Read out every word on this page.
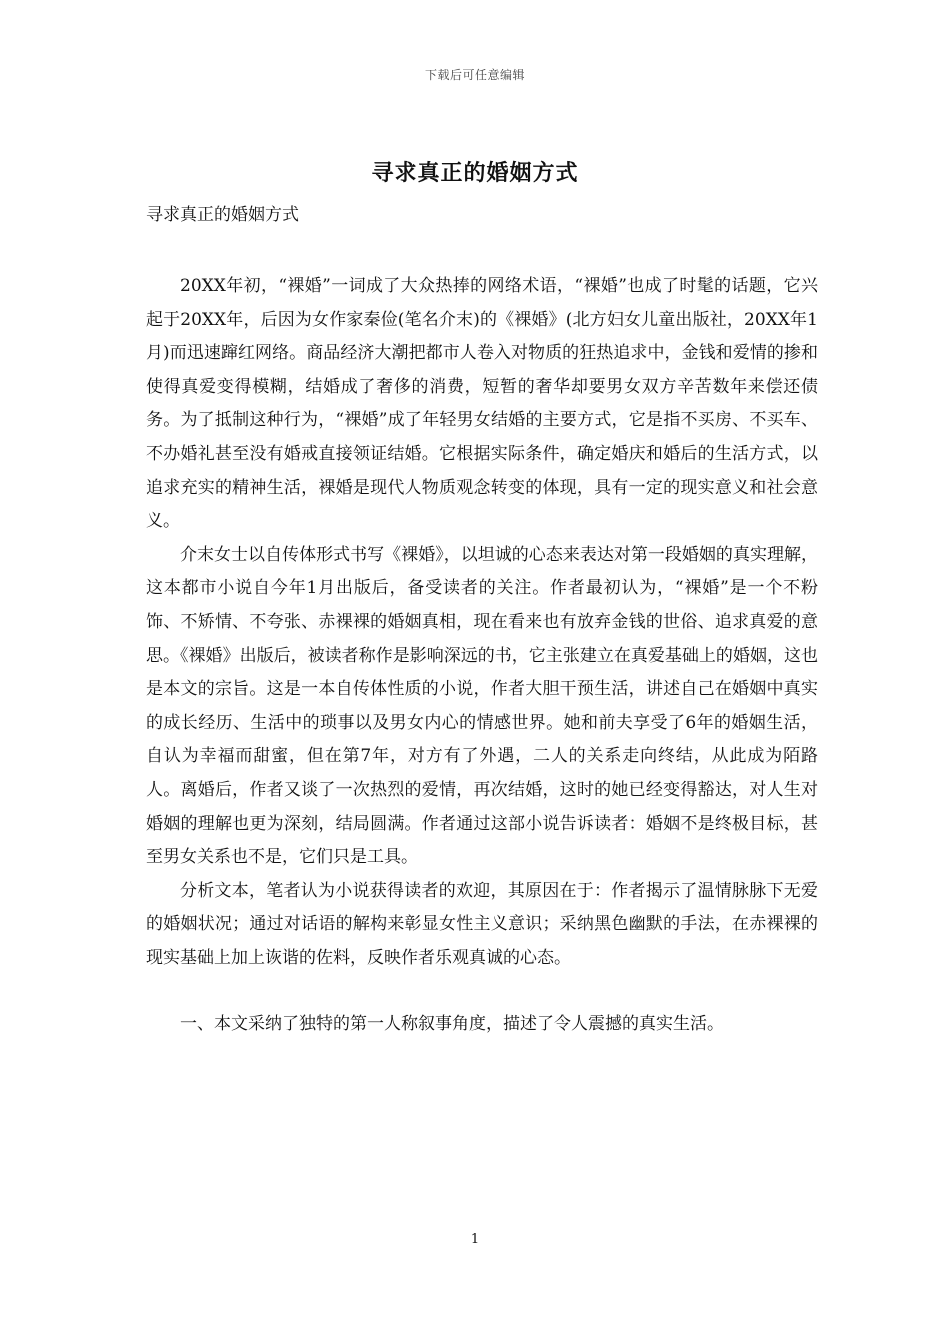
下载后可任意编辑
寻求真正的婚姻方式
寻求真正的婚姻方式

20XX年初，“裸婚”一词成了大众热捧的网络术语，“裸婚”也成了时髦的话题，它兴起于20XX年，后因为女作家秦俭(笔名介末)的《裸婚》(北方妇女儿童出版社，20XX年1月)而迅速蹿红网络。商品经济大潮把都市人卷入对物质的狂热追求中，金钱和爱情的掺和使得真爱变得模糊，结婚成了奢侈的消费，短暂的奢华却要男女双方辛苦数年来偿还债务。为了抵制这种行为，“裸婚”成了年轻男女结婚的主要方式，它是指不买房、不买车、不办婚礼甚至没有婚戒直接领证结婚。它根据实际条件，确定婚庆和婚后的生活方式，以追求充实的精神生活，裸婚是现代人物质观念转变的体现，具有一定的现实意义和社会意义。

介末女士以自传体形式书写《裸婚》，以坦诚的心态来表达对第一段婚姻的真实理解，这本都市小说自今年1月出版后，备受读者的关注。作者最初认为，“裸婚”是一个不粉饰、不矫情、不夸张、赤裸裸的婚姻真相，现在看来也有放弃金钱的世俗、追求真爱的意思。《裸婚》出版后，被读者称作是影响深远的书，它主张建立在真爱基础上的婚姻，这也是本文的宗旨。这是一本自传体性质的小说，作者大胆干预生活，讲述自己在婚姻中真实的成长经历、生活中的琐事以及男女内心的情感世界。她和前夫享受了6年的婚姻生活，自认为幸福而甜蜜，但在第7年，对方有了外遇，二人的关系走向终结，从此成为陌路人。离婚后，作者又谈了一次热烈的爱情，再次结婚，这时的她已经变得豁达，对人生对婚姻的理解也更为深刻，结局圆满。作者通过这部小说告诉读者：婚姻不是终极目标，甚至男女关系也不是，它们只是工具。

分析文本，笔者认为小说获得读者的欢迎，其原因在于：作者揭示了温情脉脉下无爱的婚姻状况；通过对话语的解构来彰显女性主义意识；采纳黑色幽默的手法，在赤裸裸的现实基础上加上诙谐的佐料，反映作者乐观真诚的心态。

一、本文采纳了独特的第一人称叙事角度，描述了令人震撼的真实生活。

1
